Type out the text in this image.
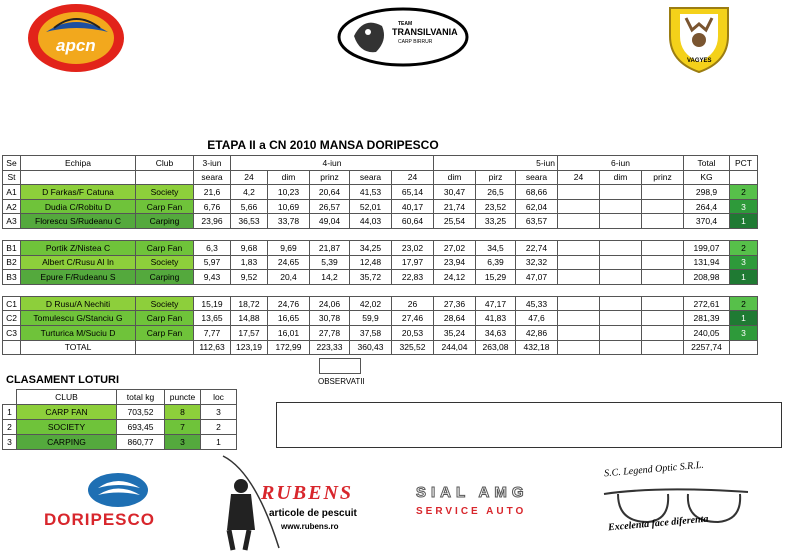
apcn
TEAM
TRANSILVANIA
CARP BIRRUR
VAGYES
ETAPA II a CN 2010 MANSA DORIPESCO
Se	Echipa	Club	3-iun	4-iun					5-iun			6-iun			Total	PCT
St			seara	24	dim	prinz	seara	24	dim	pirz	seara	24	dim	prinz	KG	
A1	D Farkas/F Catuna	Society	21,6	4,2	10,23	20,64	41,53	65,14	30,47	26,5	68,66				298,9	2
A2	Dudia C/Robitu D	Carp Fan	6,76	5,66	10,69	26,57	52,01	40,17	21,74	23,52	62,04				264,4	3
A3	Florescu S/Rudeanu C	Carping	23,96	36,53	33,78	49,04	44,03	60,64	25,54	33,25	63,57				370,4	1

B1	Portik Z/Nistea C	Carp Fan	6,3	9,68	9,69	21,87	34,25	23,02	27,02	34,5	22,74				199,07	2
B2	Albert C/Rusu Al In	Society	5,97	1,83	24,65	5,39	12,48	17,97	23,94	6,39	32,32				131,94	3
B3	Epure F/Rudeanu S	Carping	9,43	9,52	20,4	14,2	35,72	22,83	24,12	15,29	47,07				208,98	1

C1	D Rusu/A Nechiti	Society	15,19	18,72	24,76	24,06	42,02	26	27,36	47,17	45,33				272,61	2
C2	Tomulescu G/Stanciu G	Carp Fan	13,65	14,88	16,65	30,78	59,9	27,46	28,64	41,83	47,6				281,39	1
C3	Turturica M/Suciu D	Carp Fan	7,77	17,57	16,01	27,78	37,58	20,53	35,24	34,63	42,86				240,05	3
	TOTAL		112,63	123,19	172,99	223,33	360,43	325,52	244,04	263,08	432,18				2257,74	
CLASAMENT LOTURI	OBSERVATII
	CLUB	total kg	puncte	loc
1	CARP FAN	703,52	8	3
2	SOCIETY	693,45	7	2
3	CARPING	860,77	3	1
DORIPESCO
RUBENS
articole de pescuit
www.rubens.ro
SIAL AMG
SERVICE AUTO
S.C. Legend Optic S.R.L.
Excelenta face diferenta
